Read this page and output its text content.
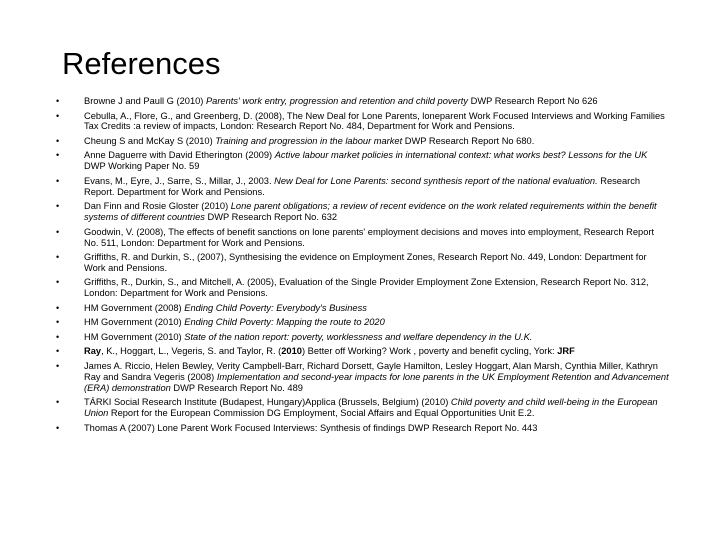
References
•	Browne J and Paull G (2010) Parents' work entry, progression and retention and child poverty DWP Research Report No 626
•	Cebulla, A., Flore, G., and Greenberg, D. (2008), The New Deal for Lone Parents, loneparent Work Focused Interviews and Working Families Tax Credits :a review of impacts, London: Research Report No. 484, Department for Work and Pensions.
•	Cheung S and McKay S (2010) Training and progression in the labour market DWP Research Report No 680.
•	Anne Daguerre with David Etherington (2009) Active labour market policies in international context: what works best? Lessons for the UK DWP Working Paper No. 59
•	Evans, M., Eyre, J., Sarre, S., Millar, J., 2003. New Deal for Lone Parents: second synthesis report of the national evaluation. Research Report. Department for Work and Pensions.
•	Dan Finn and Rosie Gloster (2010) Lone parent obligations; a review of recent evidence on the work related requirements within the benefit systems of different countries DWP Research Report No. 632
•	Goodwin, V. (2008), The effects of benefit sanctions on lone parents' employment decisions and moves into employment, Research Report No. 511, London: Department for Work and Pensions.
•	Griffiths, R. and Durkin, S., (2007), Synthesising the evidence on Employment Zones, Research Report No. 449, London: Department for Work and Pensions.
•	Griffiths, R., Durkin, S., and Mitchell, A. (2005), Evaluation of the Single Provider Employment Zone Extension, Research Report No. 312, London: Department for Work and Pensions.
•	HM Government (2008) Ending Child Poverty: Everybody's Business
•	HM Government (2010) Ending Child Poverty: Mapping the route to 2020
•	HM Government (2010) State of the nation report: poverty, worklessness and welfare dependency in the U.K.
•	Ray, K., Hoggart, L., Vegeris, S. and Taylor, R. (2010) Better off Working? Work , poverty and benefit cycling, York: JRF
•	James A. Riccio, Helen Bewley, Verity Campbell-Barr, Richard Dorsett, Gayle Hamilton, Lesley Hoggart, Alan Marsh, Cynthia Miller, Kathryn Ray and Sandra Vegeris (2008) Implementation and second-year impacts for lone parents in the UK Employment Retention and Advancement (ERA) demonstration DWP Research Report No. 489
•	TÁRKI Social Research Institute (Budapest, Hungary)Applica (Brussels, Belgium) (2010) Child poverty and child well-being in the European Union Report for the European Commission DG Employment, Social Affairs and Equal Opportunities Unit E.2.
•	Thomas A (2007) Lone Parent Work Focused Interviews: Synthesis of findings DWP Research Report No. 443
